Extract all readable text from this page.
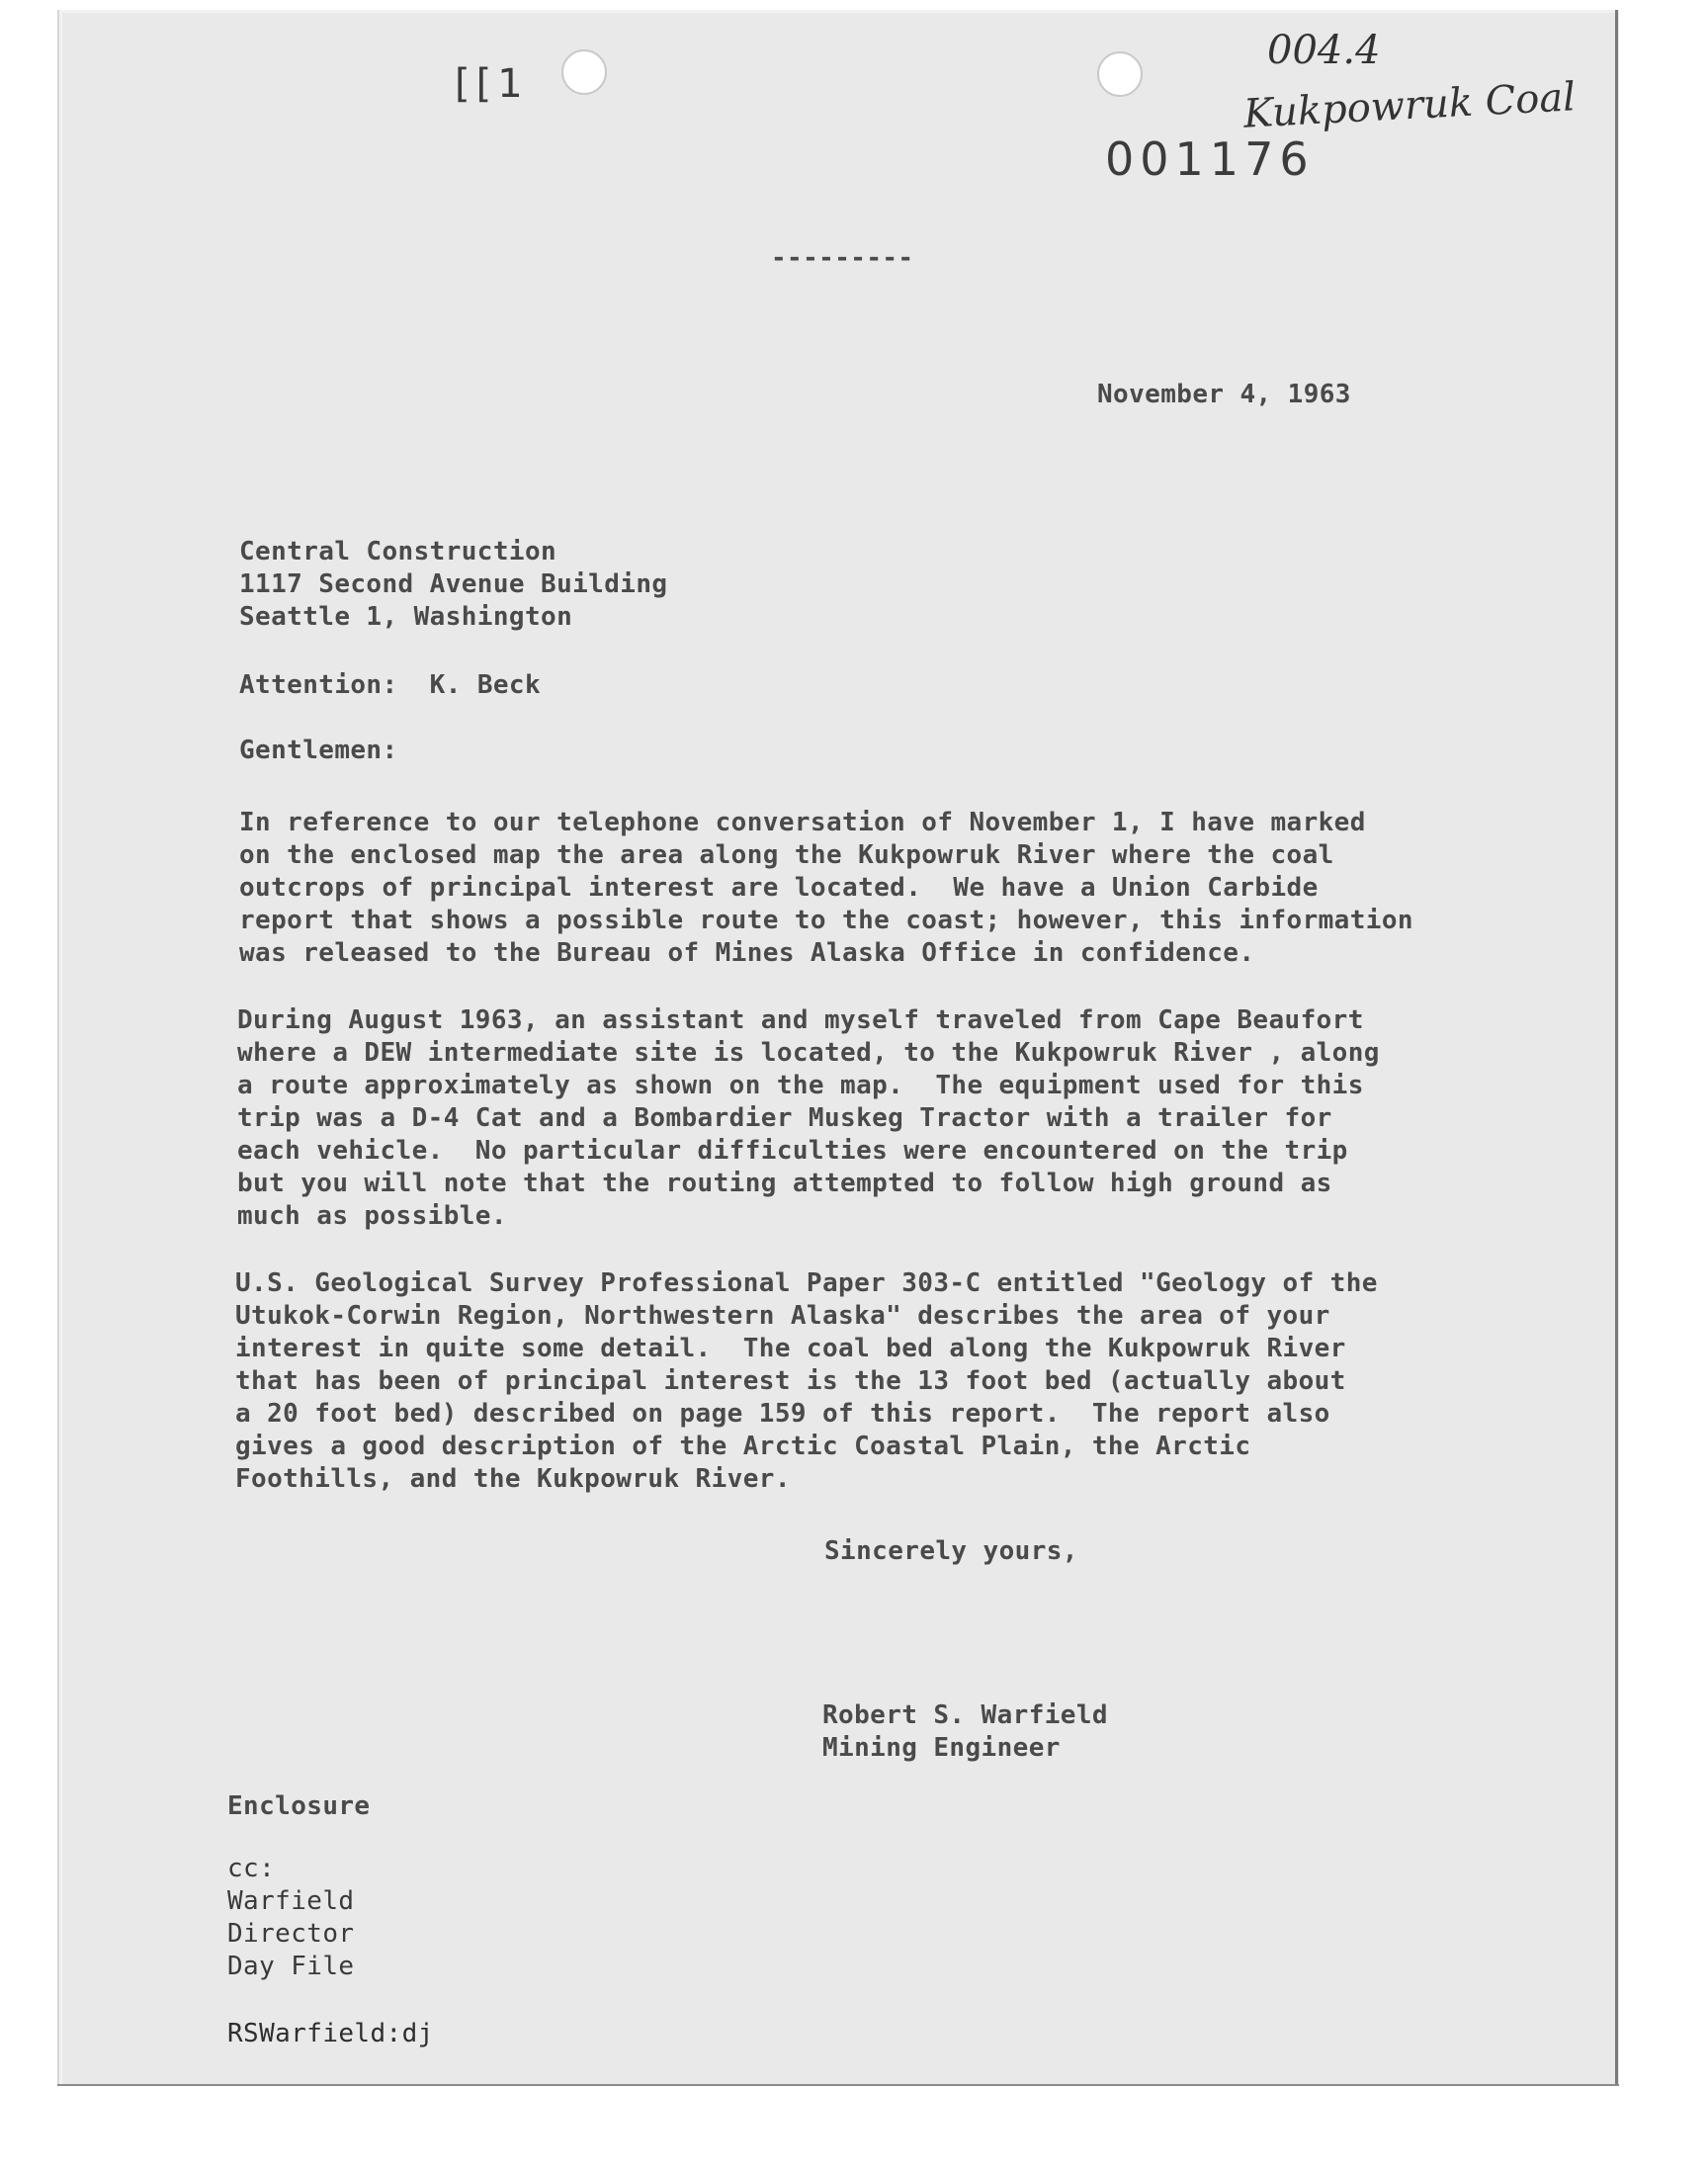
[[1

001176

004.4

Kukpowruk Coal

---------

November 4, 1963

Central Construction
1117 Second Avenue Building
Seattle 1, Washington

Attention: K. Beck

Gentlemen:

In reference to our telephone conversation of November 1, I have marked
on the enclosed map the area along the Kukpowruk River where the coal
outcrops of principal interest are located.  We have a Union Carbide
report that shows a possible route to the coast; however, this information
was released to the Bureau of Mines Alaska Office in confidence.
During August 1963, an assistant and myself traveled from Cape Beaufort
where a DEW intermediate site is located, to the Kukpowruk River , along
a route approximately as shown on the map.  The equipment used for this
trip was a D-4 Cat and a Bombardier Muskeg Tractor with a trailer for
each vehicle.  No particular difficulties were encountered on the trip
but you will note that the routing attempted to follow high ground as
much as possible.
U.S. Geological Survey Professional Paper 303-C entitled "Geology of the
Utukok-Corwin Region, Northwestern Alaska" describes the area of your
interest in quite some detail.  The coal bed along the Kukpowruk River
that has been of principal interest is the 13 foot bed (actually about
a 20 foot bed) described on page 159 of this report.  The report also
gives a good description of the Arctic Coastal Plain, the Arctic
Foothills, and the Kukpowruk River.

Sincerely yours,

Robert S. Warfield

Mining Engineer

Enclosure

cc:
Warfield
Director
Day File

RSWarfield:dj
